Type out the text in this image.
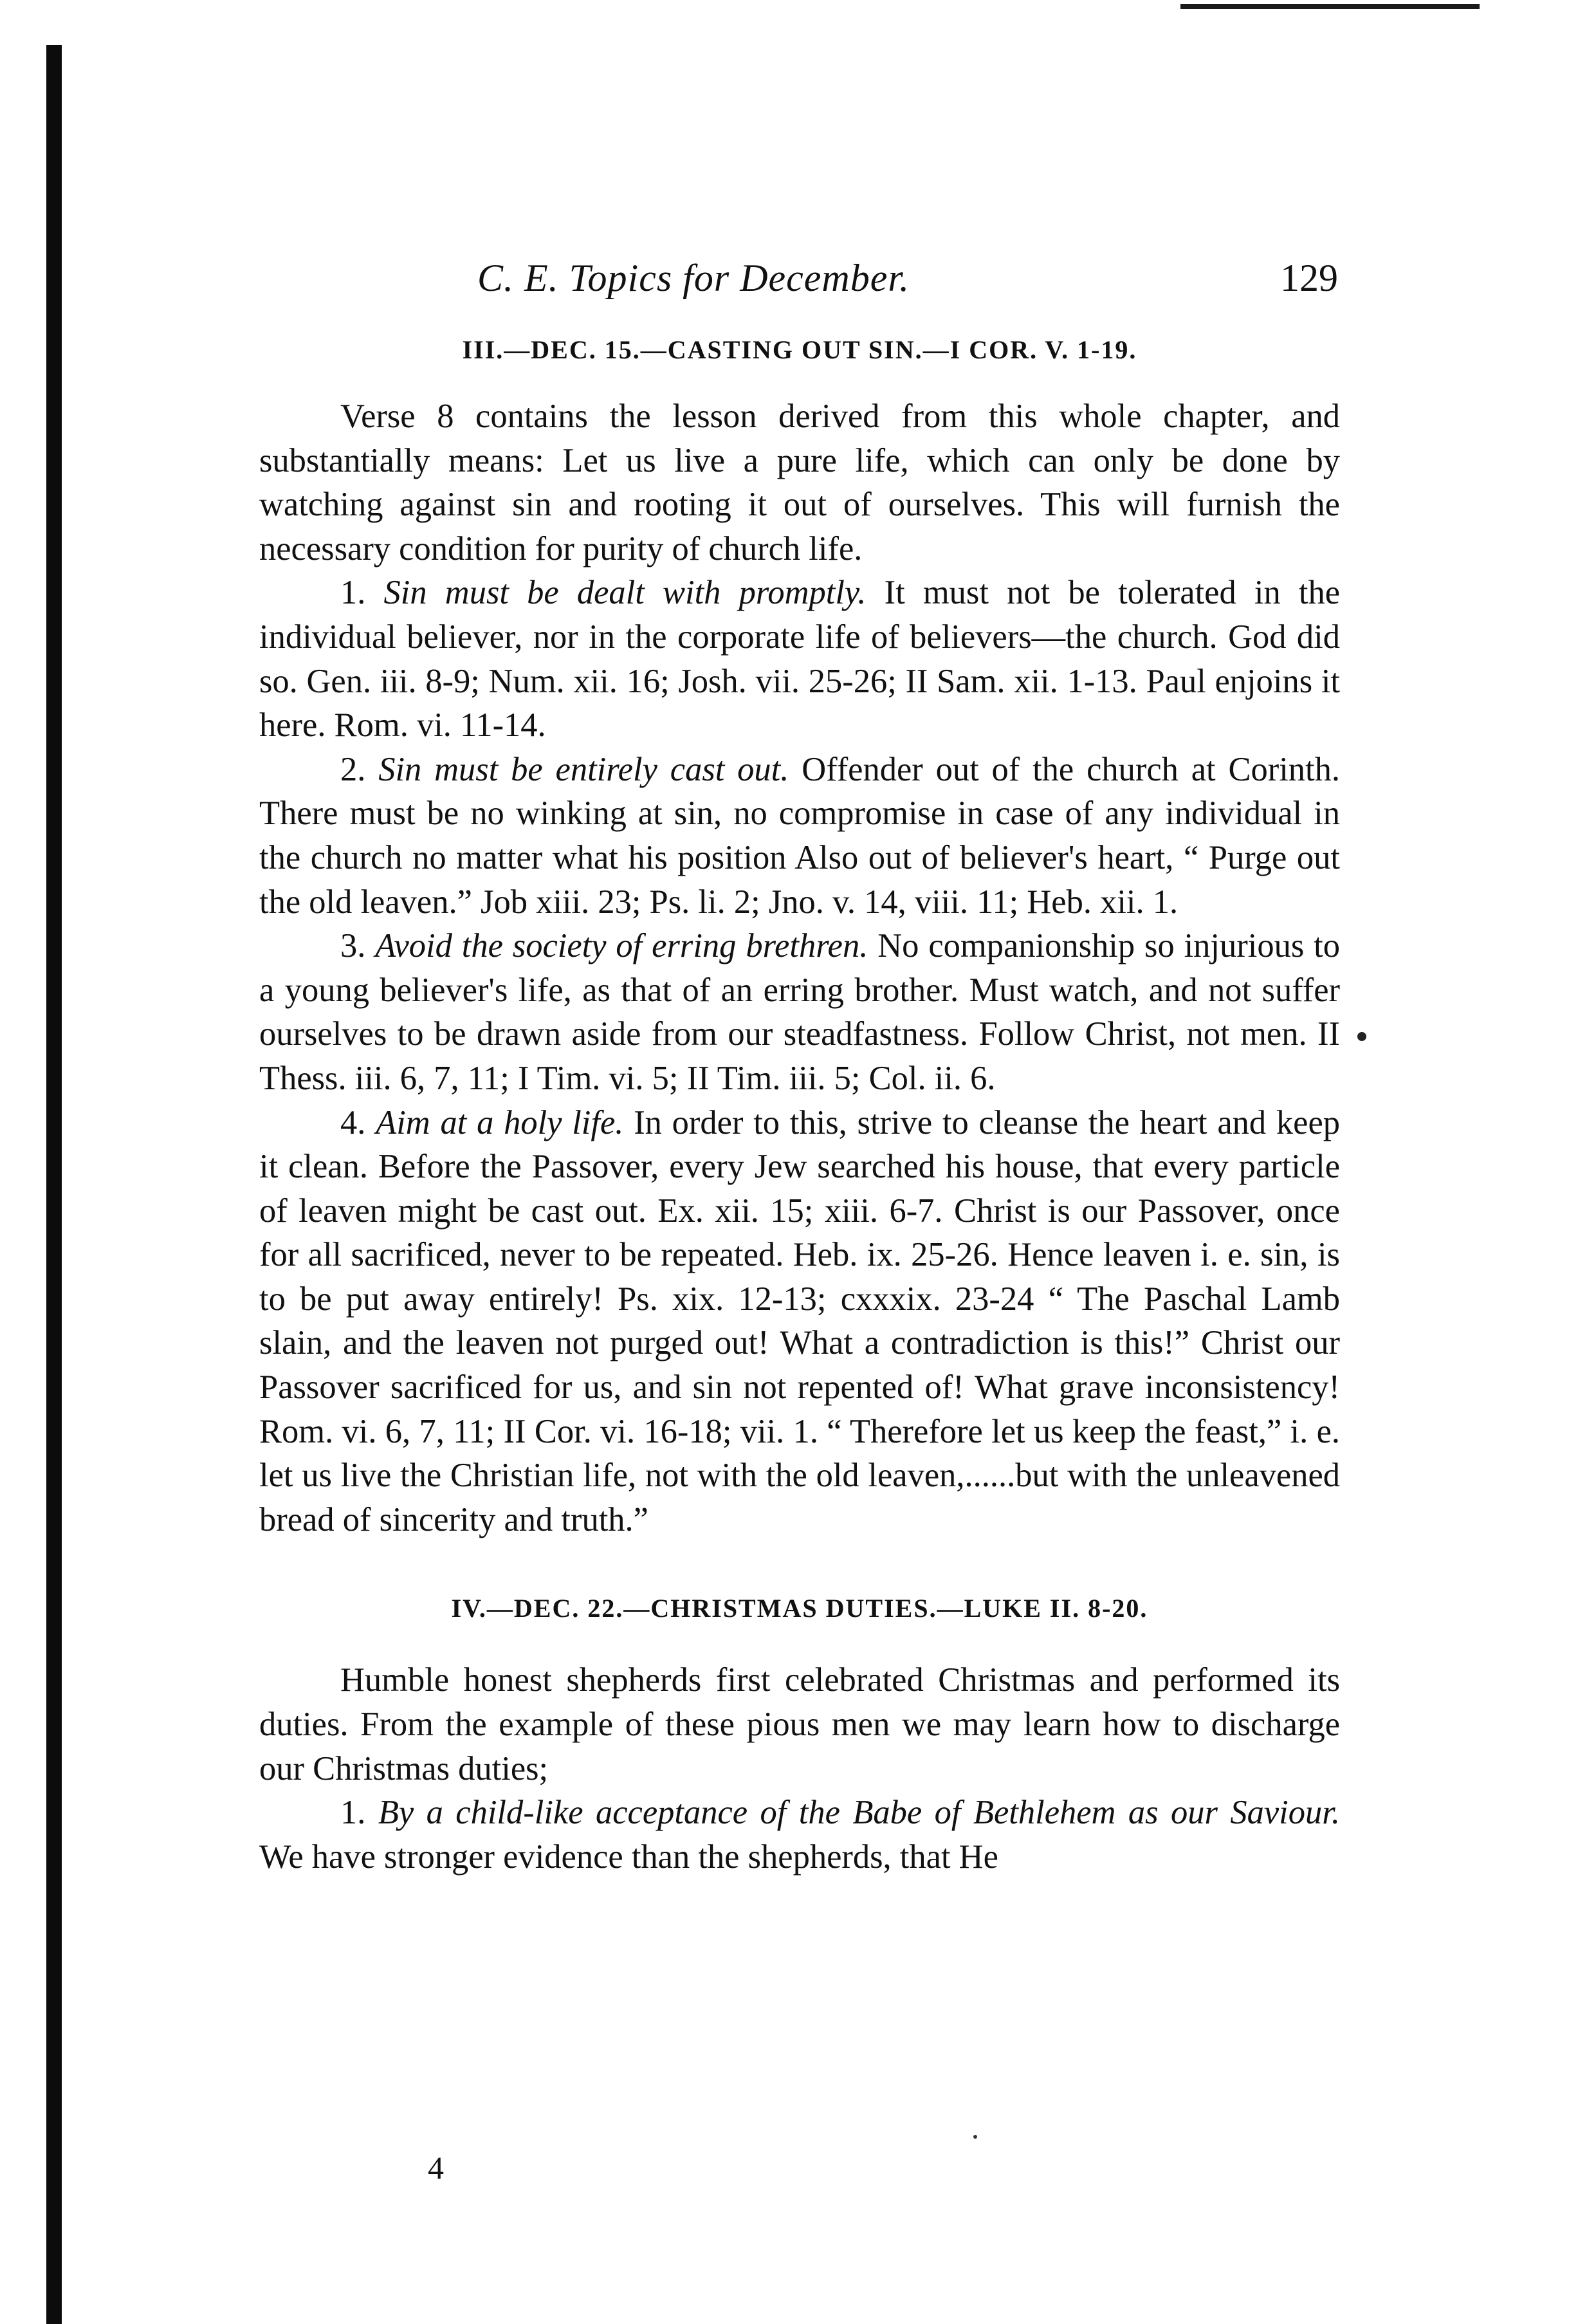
C. E. Topics for December.	129
III.—DEC. 15.—CASTING OUT SIN.—I COR. V. 1-19.

Verse 8 contains the lesson derived from this whole chapter, and substantially means: Let us live a pure life, which can only be done by watching against sin and rooting it out of ourselves. This will furnish the necessary condition for purity of church life.

1. Sin must be dealt with promptly. It must not be tolerated in the individual believer, nor in the corporate life of believers—the church. God did so. Gen. iii. 8-9; Num. xii. 16; Josh. vii. 25-26; II Sam. xii. 1-13. Paul enjoins it here. Rom. vi. 11-14.

2. Sin must be entirely cast out. Offender out of the church at Corinth. There must be no winking at sin, no compromise in case of any individual in the church no matter what his position Also out of believer's heart, “ Purge out the old leaven.” Job xiii. 23; Ps. li. 2; Jno. v. 14, viii. 11; Heb. xii. 1.

3. Avoid the society of erring brethren. No companionship so injurious to a young believer's life, as that of an erring brother. Must watch, and not suffer ourselves to be drawn aside from our steadfastness. Follow Christ, not men. II Thess. iii. 6, 7, 11; I Tim. vi. 5; II Tim. iii. 5; Col. ii. 6.

4. Aim at a holy life. In order to this, strive to cleanse the heart and keep it clean. Before the Passover, every Jew searched his house, that every particle of leaven might be cast out. Ex. xii. 15; xiii. 6-7. Christ is our Passover, once for all sacrificed, never to be repeated. Heb. ix. 25-26. Hence leaven i. e. sin, is to be put away entirely! Ps. xix. 12-13; cxxxix. 23-24 “ The Paschal Lamb slain, and the leaven not purged out! What a contradiction is this!” Christ our Passover sacrificed for us, and sin not repented of! What grave inconsistency! Rom. vi. 6, 7, 11; II Cor. vi. 16-18; vii. 1. “ Therefore let us keep the feast,” i. e. let us live the Christian life, not with the old leaven,......but with the unleavened bread of sincerity and truth.”

IV.—DEC. 22.—CHRISTMAS DUTIES.—LUKE II. 8-20.

Humble honest shepherds first celebrated Christmas and performed its duties. From the example of these pious men we may learn how to discharge our Christmas duties;

1. By a child-like acceptance of the Babe of Bethlehem as our Saviour. We have stronger evidence than the shepherds, that He

4
